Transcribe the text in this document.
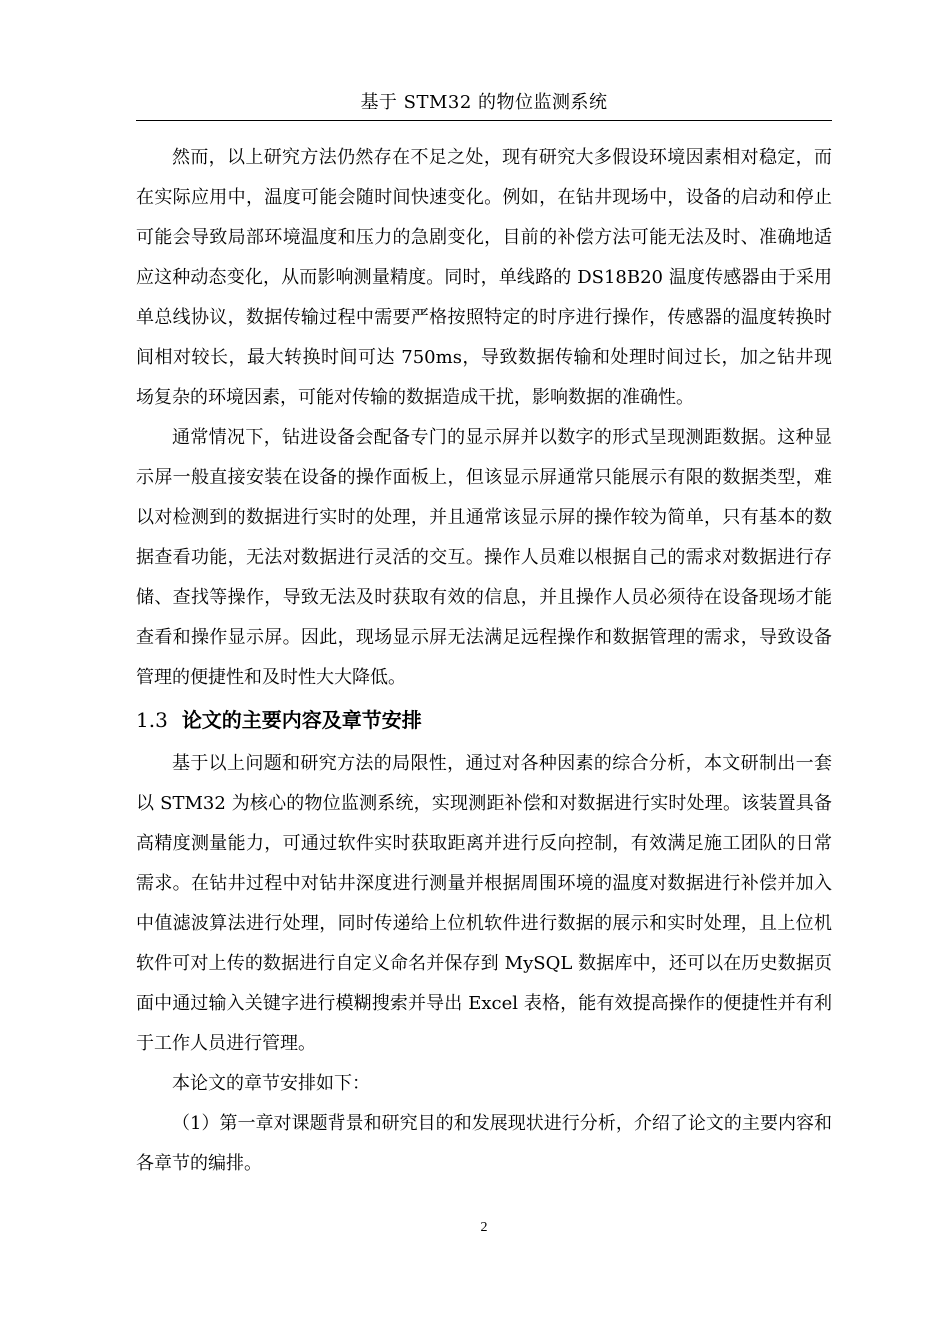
基于 STM32 的物位监测系统

然而，以上研究方法仍然存在不足之处，现有研究大多假设环境因素相对稳定，而在实际应用中，温度可能会随时间快速变化。例如，在钻井现场中，设备的启动和停止可能会导致局部环境温度和压力的急剧变化，目前的补偿方法可能无法及时、准确地适应这种动态变化，从而影响测量精度。同时，单线路的 DS18B20 温度传感器由于采用单总线协议，数据传输过程中需要严格按照特定的时序进行操作，传感器的温度转换时间相对较长，最大转换时间可达 750ms，导致数据传输和处理时间过长，加之钻井现场复杂的环境因素，可能对传输的数据造成干扰，影响数据的准确性。

通常情况下，钻进设备会配备专门的显示屏并以数字的形式呈现测距数据。这种显示屏一般直接安装在设备的操作面板上，但该显示屏通常只能展示有限的数据类型，难以对检测到的数据进行实时的处理，并且通常该显示屏的操作较为简单，只有基本的数据查看功能，无法对数据进行灵活的交互。操作人员难以根据自己的需求对数据进行存储、查找等操作，导致无法及时获取有效的信息，并且操作人员必须待在设备现场才能查看和操作显示屏。因此，现场显示屏无法满足远程操作和数据管理的需求，导致设备管理的便捷性和及时性大大降低。

1.3 论文的主要内容及章节安排

基于以上问题和研究方法的局限性，通过对各种因素的综合分析，本文研制出一套以 STM32 为核心的物位监测系统，实现测距补偿和对数据进行实时处理。该装置具备高精度测量能力，可通过软件实时获取距离并进行反向控制，有效满足施工团队的日常需求。在钻井过程中对钻井深度进行测量并根据周围环境的温度对数据进行补偿并加入中值滤波算法进行处理，同时传递给上位机软件进行数据的展示和实时处理，且上位机软件可对上传的数据进行自定义命名并保存到 MySQL 数据库中，还可以在历史数据页面中通过输入关键字进行模糊搜索并导出 Excel 表格，能有效提高操作的便捷性并有利于工作人员进行管理。

本论文的章节安排如下：

（1）第一章对课题背景和研究目的和发展现状进行分析，介绍了论文的主要内容和各章节的编排。

2
